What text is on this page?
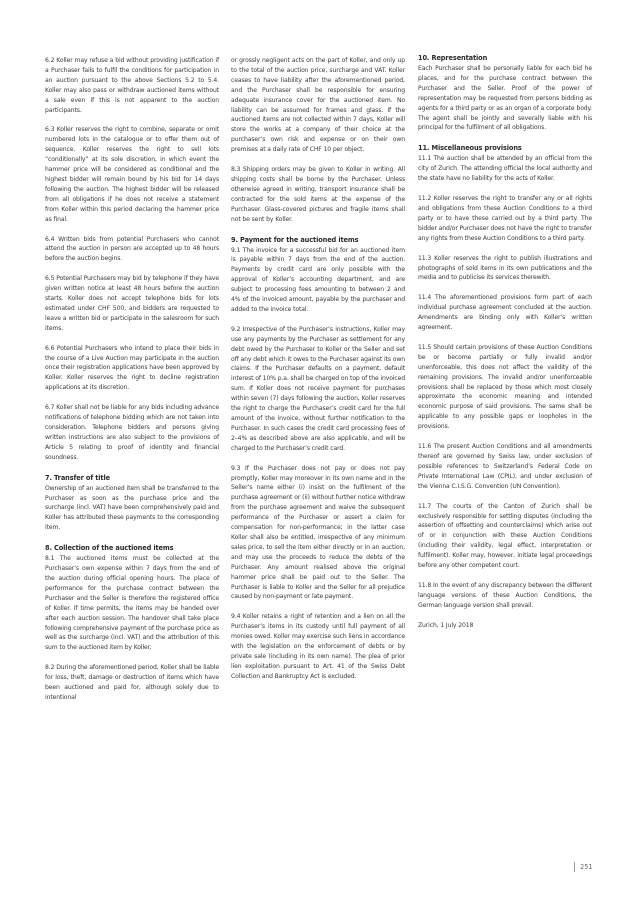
6.2 Koller may refuse a bid without providing justification if a Purchaser fails to fulfil the conditions for participation in an auction pursuant to the above Sections 5.2 to 5.4. Koller may also pass or withdraw auctioned items without a sale even if this is not apparent to the auction participants.

6.3 Koller reserves the right to combine, separate or omit numbered lots in the catalogue or to offer them out of sequence. Koller reserves the right to sell lots “conditionally” at its sole discretion, in which event the hammer price will be considered as conditional and the highest bidder will remain bound by his bid for 14 days following the auction. The highest bidder will be released from all obligations if he does not receive a statement from Koller within this period declaring the hammer price as final.

6.4 Written bids from potential Purchasers who cannot attend the auction in person are accepted up to 48 hours before the auction begins.

6.5 Potential Purchasers may bid by telephone if they have given written notice at least 48 hours before the auction starts. Koller does not accept telephone bids for lots estimated under CHF 500, and bidders are requested to leave a written bid or participate in the salesroom for such items.

6.6 Potential Purchasers who intend to place their bids in the course of a Live Auction may participate in the auction once their registration applications have been approved by Koller. Koller reserves the right to decline registration applications at its discretion.

6.7 Koller shall not be liable for any bids including advance notifications of telephone bidding which are not taken into consideration. Telephone bidders and persons giving written instructions are also subject to the provisions of Article 5 relating to proof of identity and financial soundness.

7. Transfer of title

Ownership of an auctioned item shall be transferred to the Purchaser as soon as the purchase price and the surcharge (incl. VAT) have been comprehensively paid and Koller has attributed these payments to the corresponding item.

8. Collection of the auctioned items

8.1 The auctioned items must be collected at the Purchaser’s own expense within 7 days from the end of the auction during official opening hours. The place of performance for the purchase contract between the Purchaser and the Seller is therefore the registered office of Koller. If time permits, the items may be handed over after each auction session. The handover shall take place following comprehensive payment of the purchase price as well as the surcharge (incl. VAT) and the attribution of this sum to the auctioned item by Koller.

8.2 During the aforementioned period, Koller shall be liable for loss, theft, damage or destruction of items which have been auctioned and paid for, although solely due to intentional

or grossly negligent acts on the part of Koller, and only up to the total of the auction price, surcharge and VAT. Koller ceases to have liability after the aforementioned period, and the Purchaser shall be responsible for ensuring adequate insurance cover for the auctioned item. No liability can be assumed for frames and glass. If the auctioned items are not collected within 7 days, Koller will store the works at a company of their choice at the purchaser’s own risk and expense or on their own premises at a daily rate of CHF 10 per object.

8.3 Shipping orders may be given to Koller in writing. All shipping costs shall be borne by the Purchaser. Unless otherwise agreed in writing, transport insurance shall be contracted for the sold items at the expense of the Purchaser. Glass-covered pictures and fragile items shall not be sent by Koller.

9. Payment for the auctioned items

9.1 The invoice for a successful bid for an auctioned item is payable within 7 days from the end of the auction. Payments by credit card are only possible with the approval of Koller’s accounting department, and are subject to processing fees amounting to between 2 and 4% of the invoiced amount, payable by the purchaser and added to the invoice total.

9.2 Irrespective of the Purchaser’s instructions, Koller may use any payments by the Purchaser as settlement for any debt owed by the Purchaser to Koller or the Seller and set off any debt which it owes to the Purchaser against its own claims. If the Purchaser defaults on a payment, default interest of 10% p.a. shall be charged on top of the invoiced sum. If Koller does not receive payment for purchases within seven (7) days following the auction, Koller reserves the right to charge the Purchaser’s credit card for the full amount of the invoice, without further notification to the Purchaser. In such cases the credit card processing fees of 2–4% as described above are also applicable, and will be charged to the Purchaser’s credit card.

9.3 If the Purchaser does not pay or does not pay promptly, Koller may moreover in its own name and in the Seller’s name either (i) insist on the fulfilment of the purchase agreement or (ii) without further notice withdraw from the purchase agreement and waive the subsequent performance of the Purchaser or assert a claim for compensation for non-performance; in the latter case Koller shall also be entitled, irrespective of any minimum sales price, to sell the item either directly or in an auction, and may use the proceeds to reduce the debts of the Purchaser. Any amount realised above the original hammer price shall be paid out to the Seller. The Purchaser is liable to Koller and the Seller for all prejudice caused by non-payment or late payment.

9.4 Koller retains a right of retention and a lien on all the Purchaser’s items in its custody until full payment of all monies owed. Koller may exercise such liens in accordance with the legislation on the enforcement of debts or by private sale (including in its own name). The plea of prior lien exploitation pursuant to Art. 41 of the Swiss Debt Collection and Bankruptcy Act is excluded.

10. Representation

Each Purchaser shall be personally liable for each bid he places, and for the purchase contract between the Purchaser and the Seller. Proof of the power of representation may be requested from persons bidding as agents for a third party or as an organ of a corporate body. The agent shall be jointly and severally liable with his principal for the fulfilment of all obligations.

11. Miscellaneous provisions

11.1 The auction shall be attended by an official from the city of Zurich. The attending official the local authority and the state have no liability for the acts of Koller.

11.2 Koller reserves the right to transfer any or all rights and obligations from these Auction Conditions to a third party or to have these carried out by a third party. The bidder and/or Purchaser does not have the right to transfer any rights from these Auction Conditions to a third party.

11.3 Koller reserves the right to publish illustrations and photographs of sold items in its own publications and the media and to publicise its services therewith.

11.4 The aforementioned provisions form part of each individual purchase agreement concluded at the auction. Amendments are binding only with Koller’s written agreement.

11.5 Should certain provisions of these Auction Conditions be or become partially or fully invalid and/or unenforceable, this does not affect the validity of the remaining provisions. The invalid and/or unenforceable provisions shall be replaced by those which most closely approximate the economic meaning and intended economic purpose of said provisions. The same shall be applicable to any possible gaps or loopholes in the provisions.

11.6 The present Auction Conditions and all amendments thereof are governed by Swiss law, under exclusion of possible references to Switzerland’s Federal Code on Private International Law (CPIL), and under exclusion of the Vienna C.I.S.G. Convention (UN Convention).

11.7 The courts of the Canton of Zurich shall be exclusively responsible for settling disputes (including the assertion of offsetting and counterclaims) which arise out of or in conjunction with these Auction Conditions (including their validity, legal effect, interpretation or fulfilment). Koller may, however, initiate legal proceedings before any other competent court.

11.8 In the event of any discrepancy between the different language versions of these Auction Conditions, the German language version shall prevail.

Zurich, 1 July 2018

251
